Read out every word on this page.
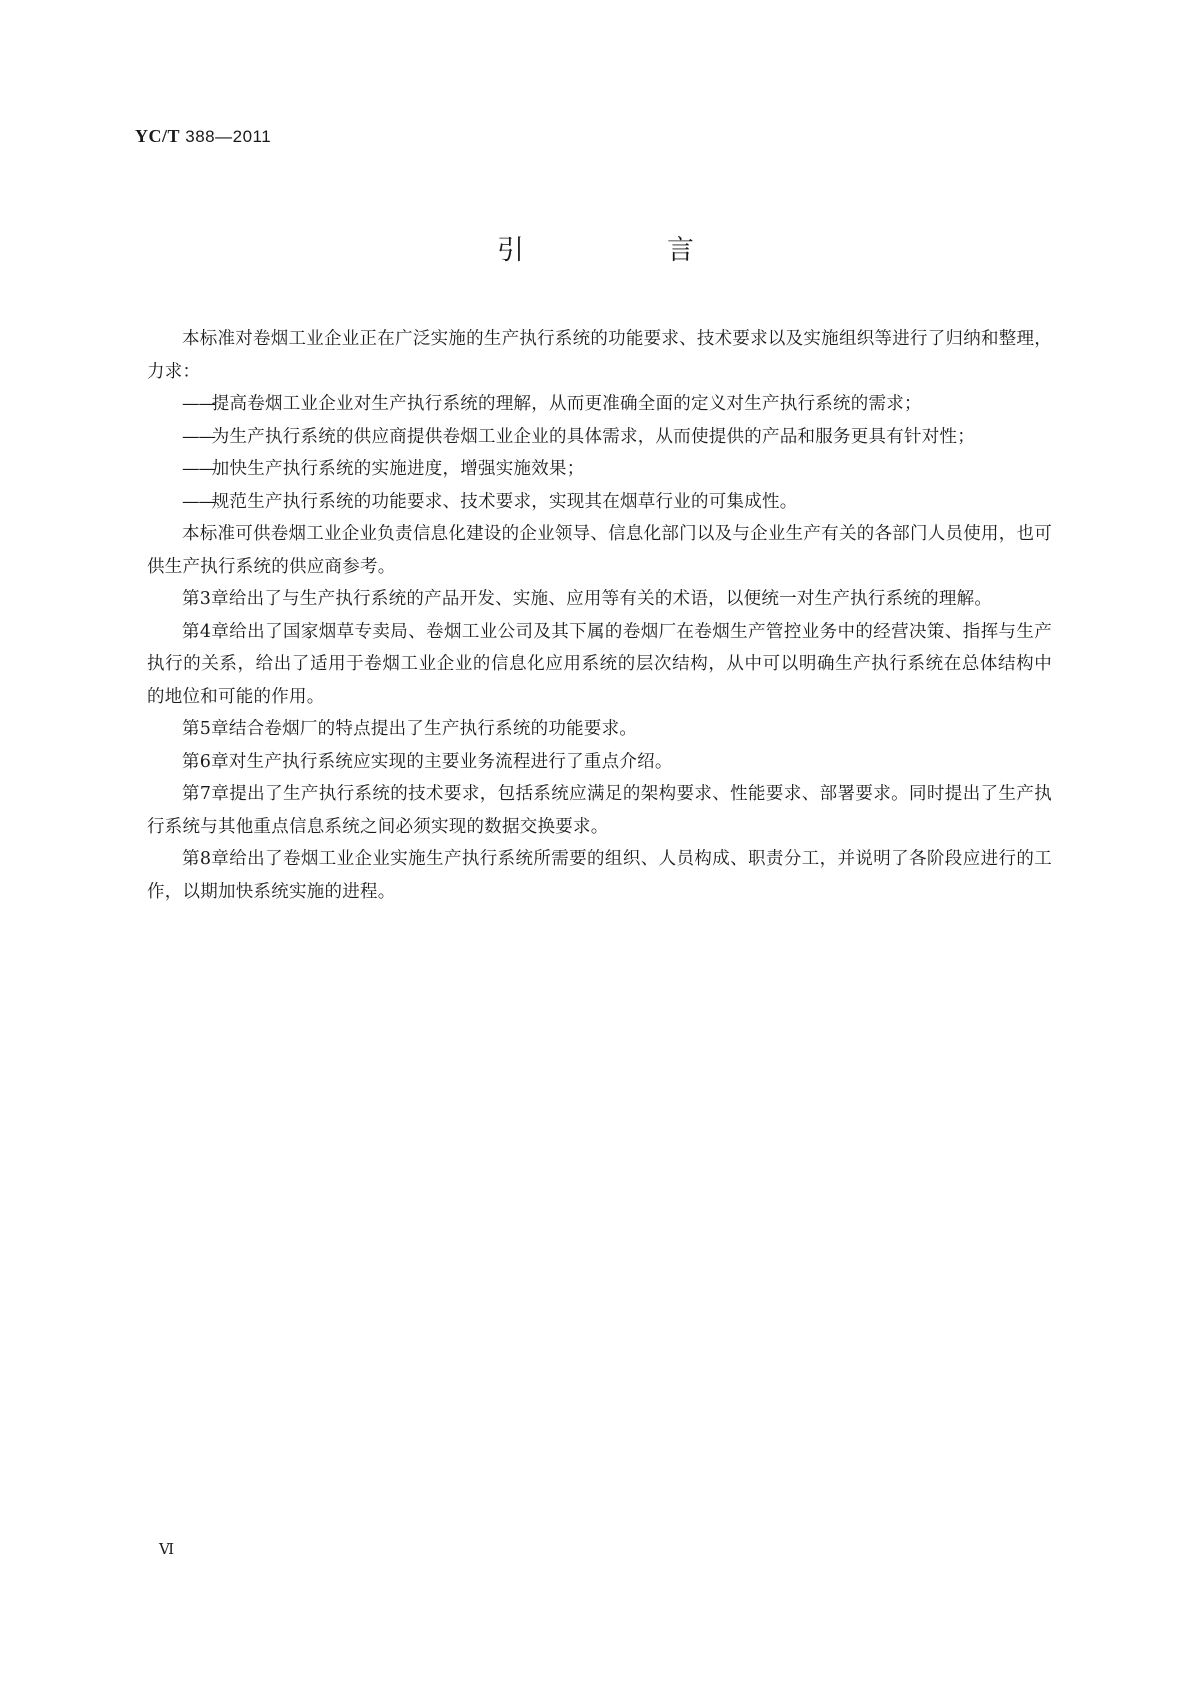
YC/T 388—2011
引　言

本标准对卷烟工业企业正在广泛实施的生产执行系统的功能要求、技术要求以及实施组织等进行了归纳和整理，力求：

——提高卷烟工业企业对生产执行系统的理解，从而更准确全面的定义对生产执行系统的需求；

——为生产执行系统的供应商提供卷烟工业企业的具体需求，从而使提供的产品和服务更具有针对性；

——加快生产执行系统的实施进度，增强实施效果；

——规范生产执行系统的功能要求、技术要求，实现其在烟草行业的可集成性。

本标准可供卷烟工业企业负责信息化建设的企业领导、信息化部门以及与企业生产有关的各部门人员使用，也可供生产执行系统的供应商参考。

第3章给出了与生产执行系统的产品开发、实施、应用等有关的术语，以便统一对生产执行系统的理解。

第4章给出了国家烟草专卖局、卷烟工业公司及其下属的卷烟厂在卷烟生产管控业务中的经营决策、指挥与生产执行的关系，给出了适用于卷烟工业企业的信息化应用系统的层次结构，从中可以明确生产执行系统在总体结构中的地位和可能的作用。

第5章结合卷烟厂的特点提出了生产执行系统的功能要求。

第6章对生产执行系统应实现的主要业务流程进行了重点介绍。

第7章提出了生产执行系统的技术要求，包括系统应满足的架构要求、性能要求、部署要求。同时提出了生产执行系统与其他重点信息系统之间必须实现的数据交换要求。

第8章给出了卷烟工业企业实施生产执行系统所需要的组织、人员构成、职责分工，并说明了各阶段应进行的工作，以期加快系统实施的进程。

Ⅵ
